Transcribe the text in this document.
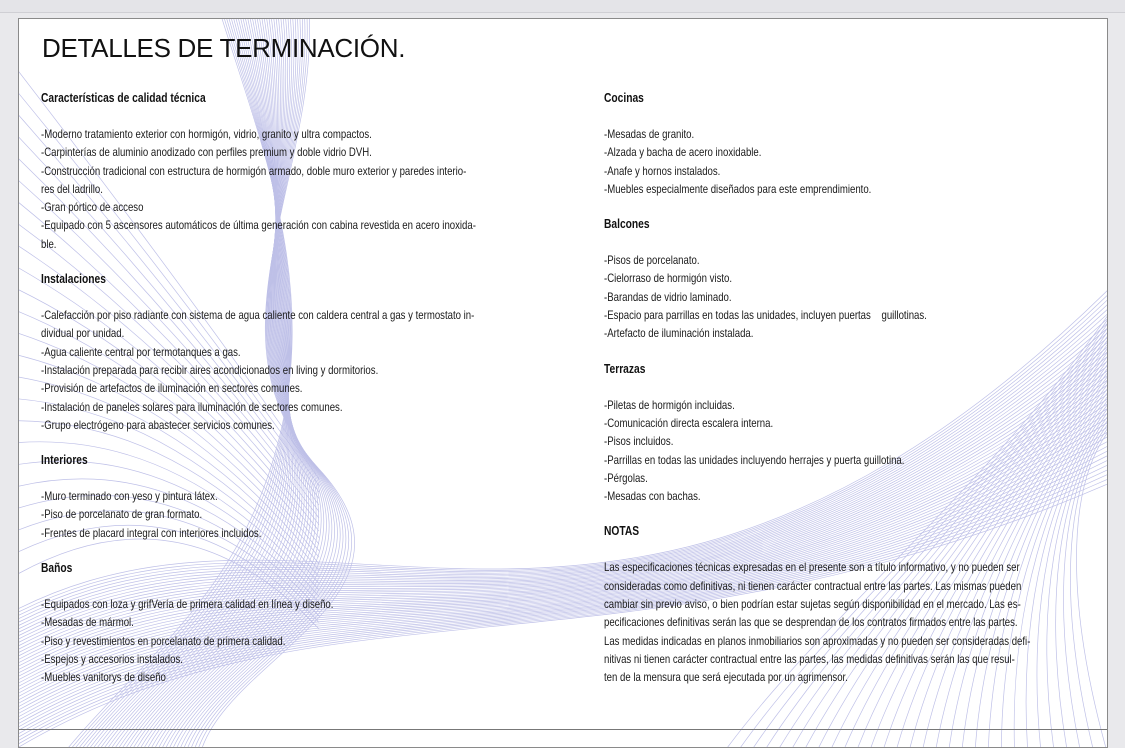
DETALLES DE TERMINACIÓN.
Características de calidad técnica
-Moderno tratamiento exterior con hormigón, vidrio, granito y ultra compactos.
-Carpinterías de aluminio anodizado con perfiles premium y doble vidrio DVH.
-Construcción tradicional con estructura de hormigón armado, doble muro exterior y paredes interio-
res del ladrillo.
-Gran pórtico de acceso
-Equipado con 5 ascensores automáticos de última generación con cabina revestida en acero inoxida-
ble.
Instalaciones
-Calefacción por piso radiante con sistema de agua caliente con caldera central a gas y termostato in-
dividual por unidad.
-Agua caliente central por termotanques a gas.
-Instalación preparada para recibir aires acondicionados en living y dormitorios.
-Provisión de artefactos de iluminación en sectores comunes.
-Instalación de paneles solares para iluminación de sectores comunes.
-Grupo electrógeno para abastecer servicios comunes.
Interiores
-Muro terminado con yeso y pintura látex.
-Piso de porcelanato de gran formato.
-Frentes de placard integral con interiores incluidos.
Baños
-Equipados con loza y grifVería de primera calidad en línea y diseño.
-Mesadas de mármol.
-Piso y revestimientos en porcelanato de primera calidad.
-Espejos y accesorios instalados.
-Muebles vanitorys de diseño
Cocinas
-Mesadas de granito.
-Alzada y bacha de acero inoxidable.
-Anafe y hornos instalados.
-Muebles especialmente diseñados para este emprendimiento.
Balcones
-Pisos de porcelanato.
-Cielorraso de hormigón visto.
-Barandas de vidrio laminado.
-Espacio para parrillas en todas las unidades, incluyen puertas    guillotinas.
-Artefacto de iluminación instalada.
Terrazas
-Piletas de hormigón incluidas.
-Comunicación directa escalera interna.
-Pisos incluidos.
-Parrillas en todas las unidades incluyendo herrajes y puerta guillotina.
-Pérgolas.
-Mesadas con bachas.
NOTAS
Las especificaciones técnicas expresadas en el presente son a título informativo, y no pueden ser
consideradas como definitivas, ni tienen carácter contractual entre las partes. Las mismas pueden
cambiar sin previo aviso, o bien podrían estar sujetas según disponibilidad en el mercado. Las es-
pecificaciones definitivas serán las que se desprendan de los contratos firmados entre las partes.
Las medidas indicadas en planos inmobiliarios son aproximadas y no pueden ser consideradas defi-
nitivas ni tienen carácter contractual entre las partes, las medidas definitivas serán las que resul-
ten de la mensura que será ejecutada por un agrimensor.
